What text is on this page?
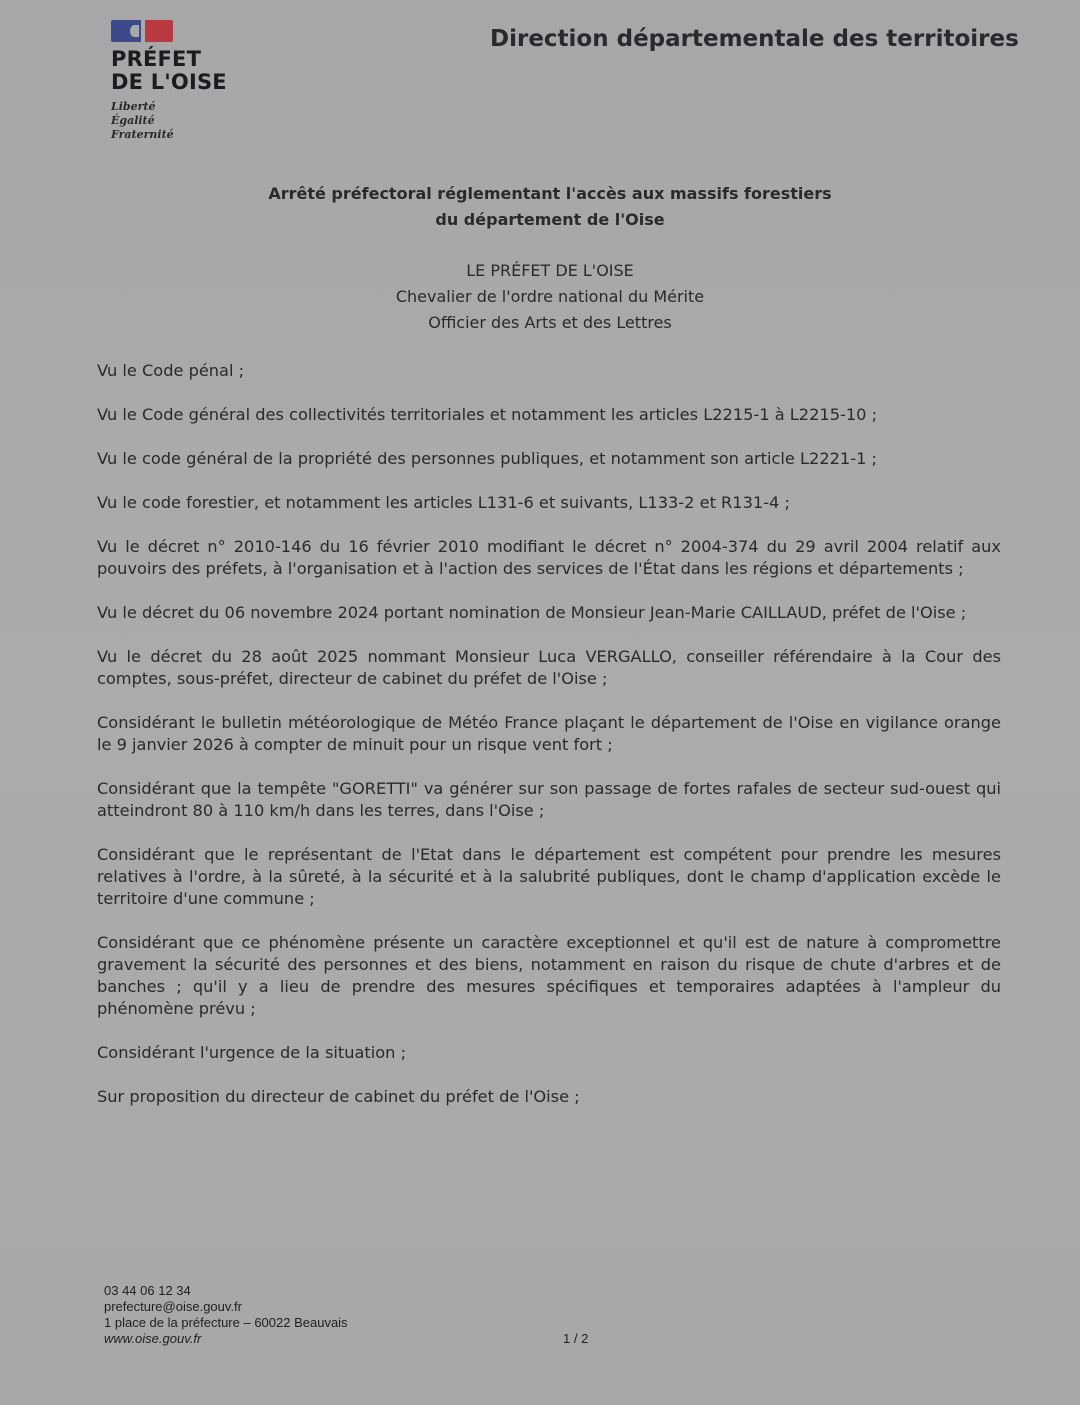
PRÉFET
DE L'OISE
Liberté
Égalité
Fraternité
Direction départementale des territoires
Arrêté préfectoral réglementant l'accès aux massifs forestiers
du département de l'Oise
LE PRÉFET DE L'OISE
Chevalier de l'ordre national du Mérite
Officier des Arts et des Lettres

Vu le Code pénal ;

Vu le Code général des collectivités territoriales et notamment les articles L2215-1 à L2215-10 ;

Vu le code général de la propriété des personnes publiques, et notamment son article L2221-1 ;

Vu le code forestier, et notamment les articles L131-6 et suivants, L133-2 et R131-4 ;

Vu le décret n° 2010-146 du 16 février 2010 modifiant le décret n° 2004-374 du 29 avril 2004 relatif aux pouvoirs des préfets, à l'organisation et à l'action des services de l'État dans les régions et départements ;

Vu le décret du 06 novembre 2024 portant nomination de Monsieur Jean-Marie CAILLAUD, préfet de l'Oise ;

Vu le décret du 28 août 2025 nommant Monsieur Luca VERGALLO, conseiller référendaire à la Cour des comptes, sous-préfet, directeur de cabinet du préfet de l'Oise ;

Considérant le bulletin météorologique de Météo France plaçant le département de l'Oise en vigilance orange le 9 janvier 2026 à compter de minuit pour un risque vent fort ;

Considérant que la tempête "GORETTI" va générer sur son passage de fortes rafales de secteur sud-ouest qui atteindront 80 à 110 km/h dans les terres, dans l'Oise ;

Considérant que le représentant de l'Etat dans le département est compétent pour prendre les mesures relatives à l'ordre, à la sûreté, à la sécurité et à la salubrité publiques, dont le champ d'application excède le territoire d'une commune ;

Considérant que ce phénomène présente un caractère exceptionnel et qu'il est de nature à compromettre gravement la sécurité des personnes et des biens, notamment en raison du risque de chute d'arbres et de banches ; qu'il y a lieu de prendre des mesures spécifiques et temporaires adaptées à l'ampleur du phénomène prévu ;

Considérant l'urgence de la situation ;

Sur proposition du directeur de cabinet du préfet de l'Oise ;

03 44 06 12 34
prefecture@oise.gouv.fr
1 place de la préfecture – 60022 Beauvais
www.oise.gouv.fr	1 / 2
